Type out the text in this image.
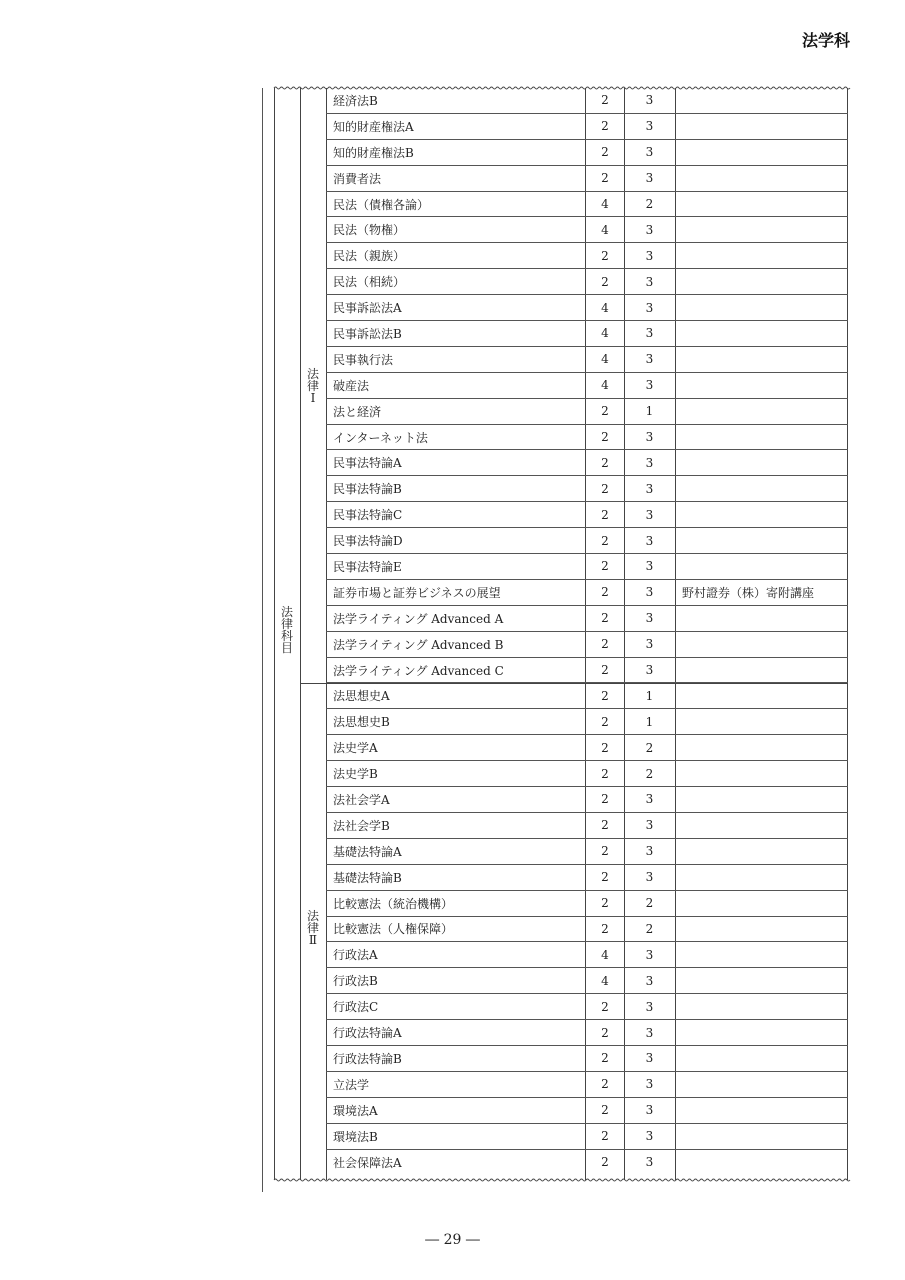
法学科
法
律
科
目
法
律
Ⅰ
法
律
Ⅱ
経済法B	2	3
知的財産権法A	2	3
知的財産権法B	2	3
消費者法	2	3
民法（債権各論）	4	2
民法（物権）	4	3
民法（親族）	2	3
民法（相続）	2	3
民事訴訟法A	4	3
民事訴訟法B	4	3
民事執行法	4	3
破産法	4	3
法と経済	2	1
インターネット法	2	3
民事法特論A	2	3
民事法特論B	2	3
民事法特論C	2	3
民事法特論D	2	3
民事法特論E	2	3
証券市場と証券ビジネスの展望	2	3	野村證券（株）寄附講座
法学ライティング Advanced A	2	3
法学ライティング Advanced B	2	3
法学ライティング Advanced C	2	3
法思想史A	2	1
法思想史B	2	1
法史学A	2	2
法史学B	2	2
法社会学A	2	3
法社会学B	2	3
基礎法特論A	2	3
基礎法特論B	2	3
比較憲法（統治機構）	2	2
比較憲法（人権保障）	2	2
行政法A	4	3
行政法B	4	3
行政法C	2	3
行政法特論A	2	3
行政法特論B	2	3
立法学	2	3
環境法A	2	3
環境法B	2	3
社会保障法A	2	3
― 29 ―
